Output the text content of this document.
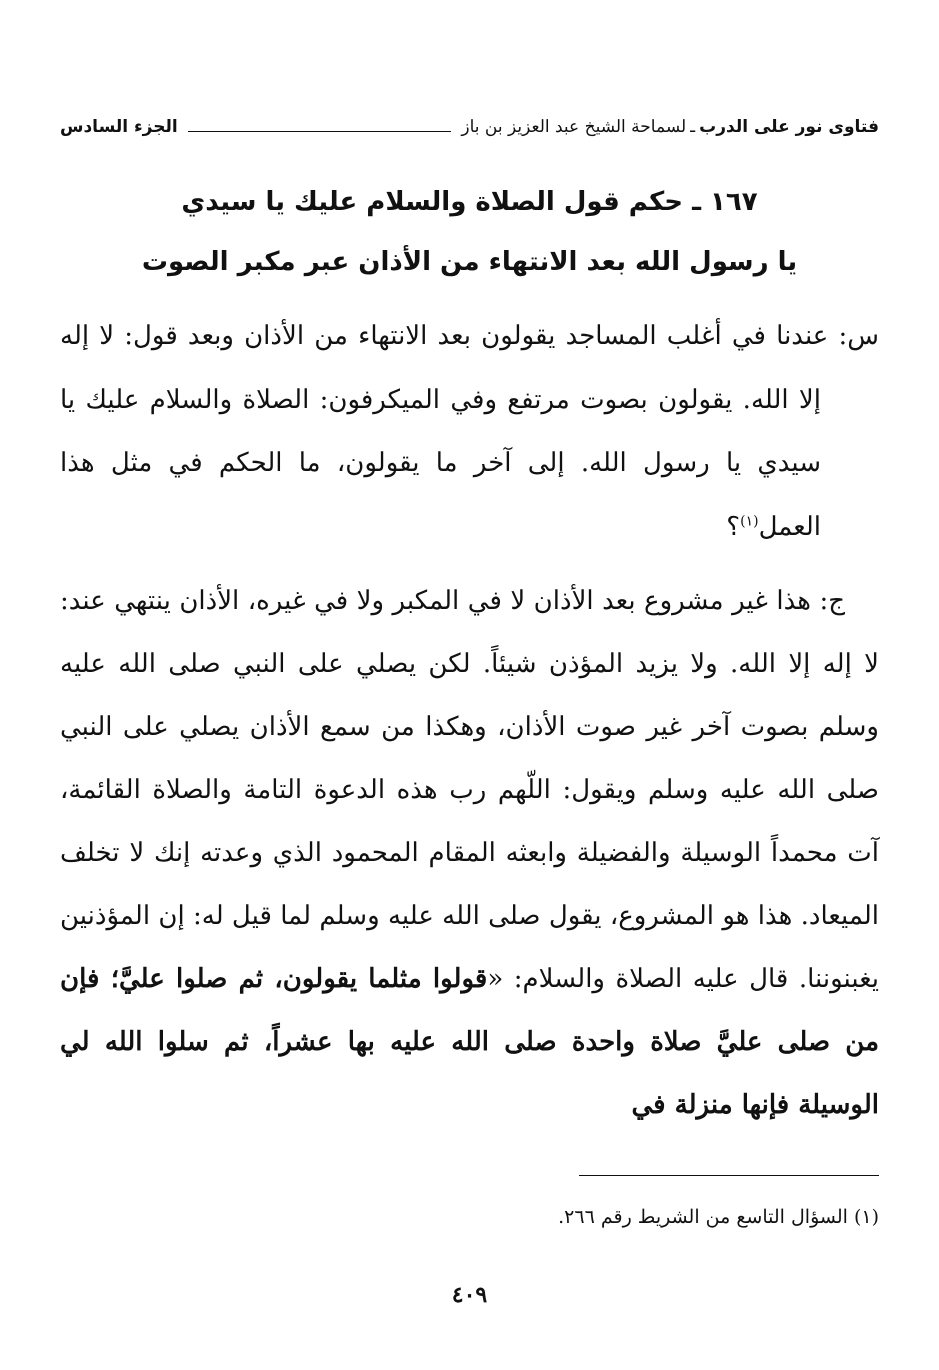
فتاوى نور على الدرب
ـ
لسماحة الشيخ عبد العزيز بن باز
الجزء السادس
١٦٧ ـ حكم قول الصلاة والسلام عليك يا سيدي
يا رسول الله بعد الانتهاء من الأذان عبر مكبر الصوت
س: عندنا في أغلب المساجد يقولون بعد الانتهاء من الأذان وبعد قول: لا إله إلا الله. يقولون بصوت مرتفع وفي الميكرفون: الصلاة والسلام عليك يا سيدي يا رسول الله. إلى آخر ما يقولون، ما الحكم في مثل هذا العمل$^{(١)}$؟
ج: هذا غير مشروع بعد الأذان لا في المكبر ولا في غيره، الأذان ينتهي عند: لا إله إلا الله. ولا يزيد المؤذن شيئاً. لكن يصلي على النبي صلى الله عليه وسلم بصوت آخر غير صوت الأذان، وهكذا من سمع الأذان يصلي على النبي صلى الله عليه وسلم ويقول: اللّهم رب هذه الدعوة التامة والصلاة القائمة، آت محمداً الوسيلة والفضيلة وابعثه المقام المحمود الذي وعدته إنك لا تخلف الميعاد. هذا هو المشروع، يقول صلى الله عليه وسلم لما قيل له: إن المؤذنين يغبنوننا. قال عليه الصلاة والسلام: «قولوا مثلما يقولون، ثم صلوا عليَّ؛ فإن من صلى عليَّ صلاة واحدة صلى الله عليه بها عشراً، ثم سلوا الله لي الوسيلة فإنها منزلة في
(١) السؤال التاسع من الشريط رقم ٢٦٦.
٤٠٩
